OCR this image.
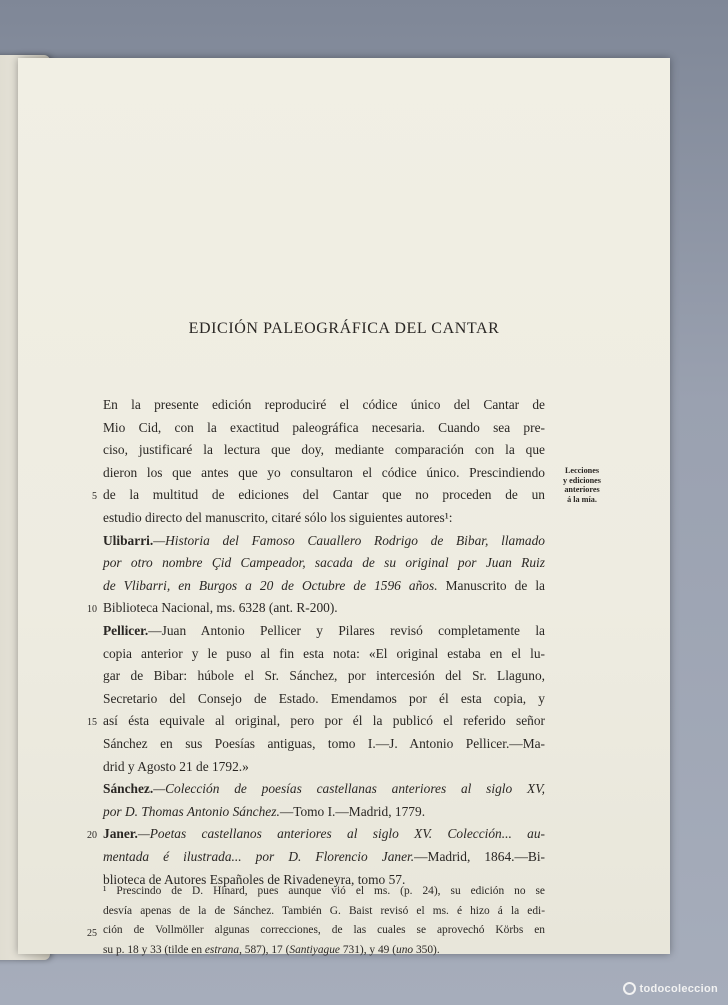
EDICIÓN PALEOGRÁFICA DEL CANTAR
En la presente edición reproduciré el códice único del Cantar de
Mio Cid, con la exactitud paleográfica necesaria. Cuando sea pre-
ciso, justificaré la lectura que doy, mediante comparación con la que
dieron los que antes que yo consultaron el códice único. Prescindiendo
de la multitud de ediciones del Cantar que no proceden de un
5
estudio directo del manuscrito, citaré sólo los siguientes autores¹:
Ulibarri.—Historia del Famoso Cauallero Rodrigo de Bibar, llamado
por otro nombre Çid Campeador, sacada de su original por Juan Ruiz
de Vlibarri, en Burgos a 20 de Octubre de 1596 años. Manuscrito de la
Biblioteca Nacional, ms. 6328 (ant. R-200).
10
Pellicer.—Juan Antonio Pellicer y Pilares revisó completamente la
copia anterior y le puso al fin esta nota: «El original estaba en el lu-
gar de Bibar: húbole el Sr. Sánchez, por intercesión del Sr. Llaguno,
Secretario del Consejo de Estado. Emendamos por él esta copia, y
así ésta equivale al original, pero por él la publicó el referido señor
15
Sánchez en sus Poesías antiguas, tomo I.—J. Antonio Pellicer.—Ma-
drid y Agosto 21 de 1792.»
Sánchez.—Colección de poesías castellanas anteriores al siglo XV,
por D. Thomas Antonio Sánchez.—Tomo I.—Madrid, 1779.
Janer.—Poetas castellanos anteriores al siglo XV. Colección... au-
20
mentada é ilustrada... por D. Florencio Janer.—Madrid, 1864.—Bi-
blioteca de Autores Españoles de Rivadeneyra, tomo 57.
Lecciones
y ediciones
anteriores
á la mía.
¹ Prescindo de D. Hinard, pues aunque vió el ms. (p. 24), su edición no se
desvía apenas de la de Sánchez. También G. Baist revisó el ms. é hizo á la edi-
ción de Vollmöller algunas correcciones, de las cuales se aprovechó Körbs en
25
su p. 18 y 33 (tilde en estrana, 587), 17 (Santiyague 731), y 49 (uno 350).
todocoleccion
